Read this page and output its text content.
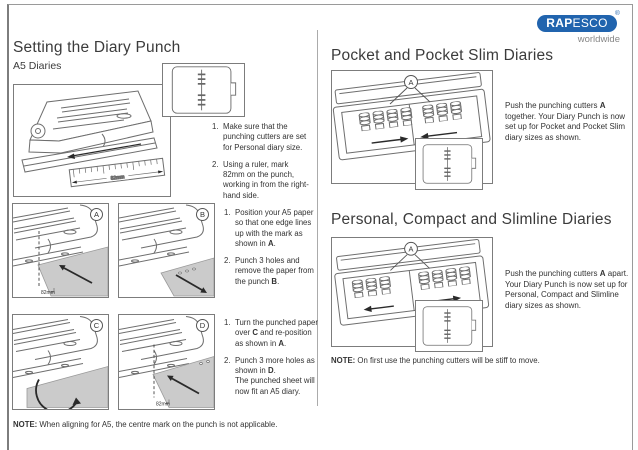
RAPESCO
®
worldwide
Setting the Diary Punch
A5 Diaries
82mm
1. Make sure that the punching cutters are set for Personal diary size.
2. Using a ruler, mark 82mm on the punch, working in from the right-hand side.
82mm
A	B	1. Position your A5 paper so that one edge lines up with the mark as shown in A.
2. Punch 3 holes and remove the paper from the punch B.
C
82mm
D	1. Turn the punched paper over C and re-position as shown in A.
2. Punch 3 more holes as shown in D.
The punched sheet will now fit an A5 diary.
NOTE: When aligning for A5, the centre mark on the punch is not applicable.
Pocket and Pocket Slim Diaries
A
Push the punching cutters A together. Your Diary Punch is now set up for Pocket and Pocket Slim diary sizes as shown.
Personal, Compact and Slimline Diaries
A
Push the punching cutters A apart. Your Diary Punch is now set up for Personal, Compact and Slimline diary sizes as shown.
NOTE: On first use the punching cutters will be stiff to move.
